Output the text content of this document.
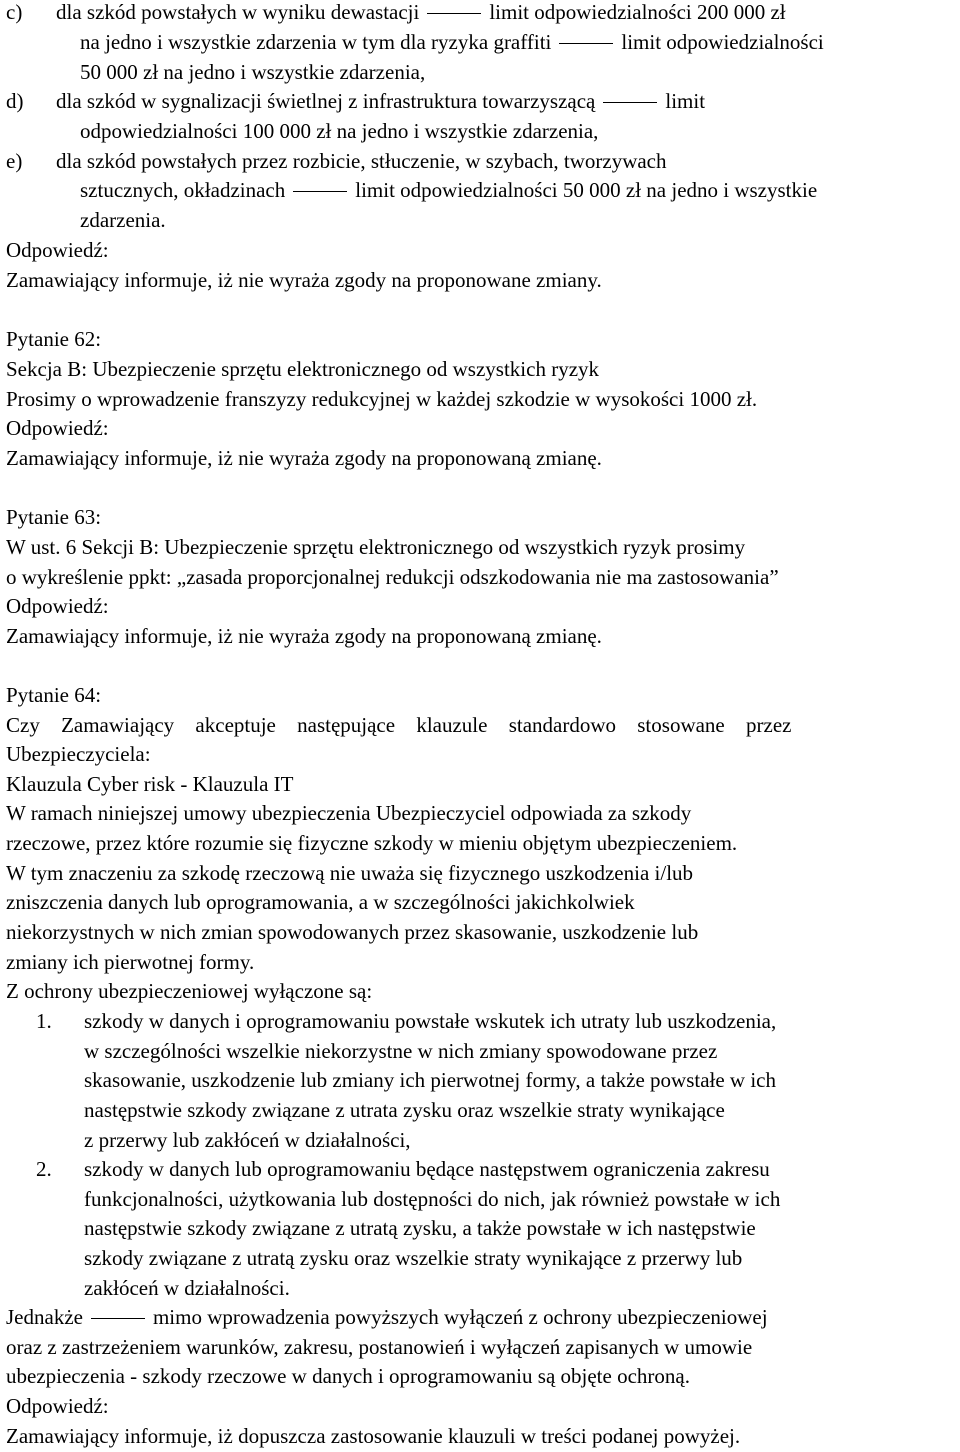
c) dla szkód powstałych w wyniku dewastacji	limit odpowiedzialności 200 000 zł
na jedno i wszystkie zdarzenia w tym dla ryzyka graffiti	limit odpowiedzialności
50 000 zł na jedno i wszystkie zdarzenia,
d) dla szkód w sygnalizacji świetlnej z infrastruktura towarzyszącą	limit
odpowiedzialności 100 000 zł na jedno i wszystkie zdarzenia,
e) dla szkód powstałych przez rozbicie, stłuczenie, w szybach, tworzywach
sztucznych, okładzinach	limit odpowiedzialności 50 000 zł na jedno i wszystkie
zdarzenia.
Odpowiedź:
Zamawiający informuje, iż nie wyraża zgody na proponowane zmiany.
Pytanie 62:
Sekcja B: Ubezpieczenie sprzętu elektronicznego od wszystkich ryzyk
Prosimy o wprowadzenie franszyzy redukcyjnej w każdej szkodzie w wysokości 1000 zł.
Odpowiedź:
Zamawiający informuje, iż nie wyraża zgody na proponowaną zmianę.
Pytanie 63:
W ust. 6 Sekcji B: Ubezpieczenie sprzętu elektronicznego od wszystkich ryzyk prosimy
o wykreślenie ppkt: „zasada proporcjonalnej redukcji odszkodowania nie ma zastosowania”
Odpowiedź:
Zamawiający informuje, iż nie wyraża zgody na proponowaną zmianę.
Pytanie 64:
Czy Zamawiający akceptuje następujące klauzule standardowo stosowane przez
Ubezpieczyciela:
Klauzula Cyber risk - Klauzula IT
W ramach niniejszej umowy ubezpieczenia Ubezpieczyciel odpowiada za szkody
rzeczowe, przez które rozumie się fizyczne szkody w mieniu objętym ubezpieczeniem.
W tym znaczeniu za szkodę rzeczową nie uważa się fizycznego uszkodzenia i/lub
zniszczenia danych lub oprogramowania, a w szczególności jakichkolwiek
niekorzystnych w nich zmian spowodowanych przez skasowanie, uszkodzenie lub
zmiany ich pierwotnej formy.
Z ochrony ubezpieczeniowej wyłączone są:
1. szkody w danych i oprogramowaniu powstałe wskutek ich utraty lub uszkodzenia,
w szczególności wszelkie niekorzystne w nich zmiany spowodowane przez
skasowanie, uszkodzenie lub zmiany ich pierwotnej formy, a także powstałe w ich
następstwie szkody związane z utrata zysku oraz wszelkie straty wynikające
z przerwy lub zakłóceń w działalności,
2. szkody w danych lub oprogramowaniu będące następstwem ograniczenia zakresu
funkcjonalności, użytkowania lub dostępności do nich, jak również powstałe w ich
następstwie szkody związane z utratą zysku, a także powstałe w ich następstwie
szkody związane z utratą zysku oraz wszelkie straty wynikające z przerwy lub
zakłóceń w działalności.
Jednakże	mimo wprowadzenia powyższych wyłączeń z ochrony ubezpieczeniowej
oraz z zastrzeżeniem warunków, zakresu, postanowień i wyłączeń zapisanych w umowie
ubezpieczenia - szkody rzeczowe w danych i oprogramowaniu są objęte ochroną.
Odpowiedź:
Zamawiający informuje, iż dopuszcza zastosowanie klauzuli w treści podanej powyżej.
